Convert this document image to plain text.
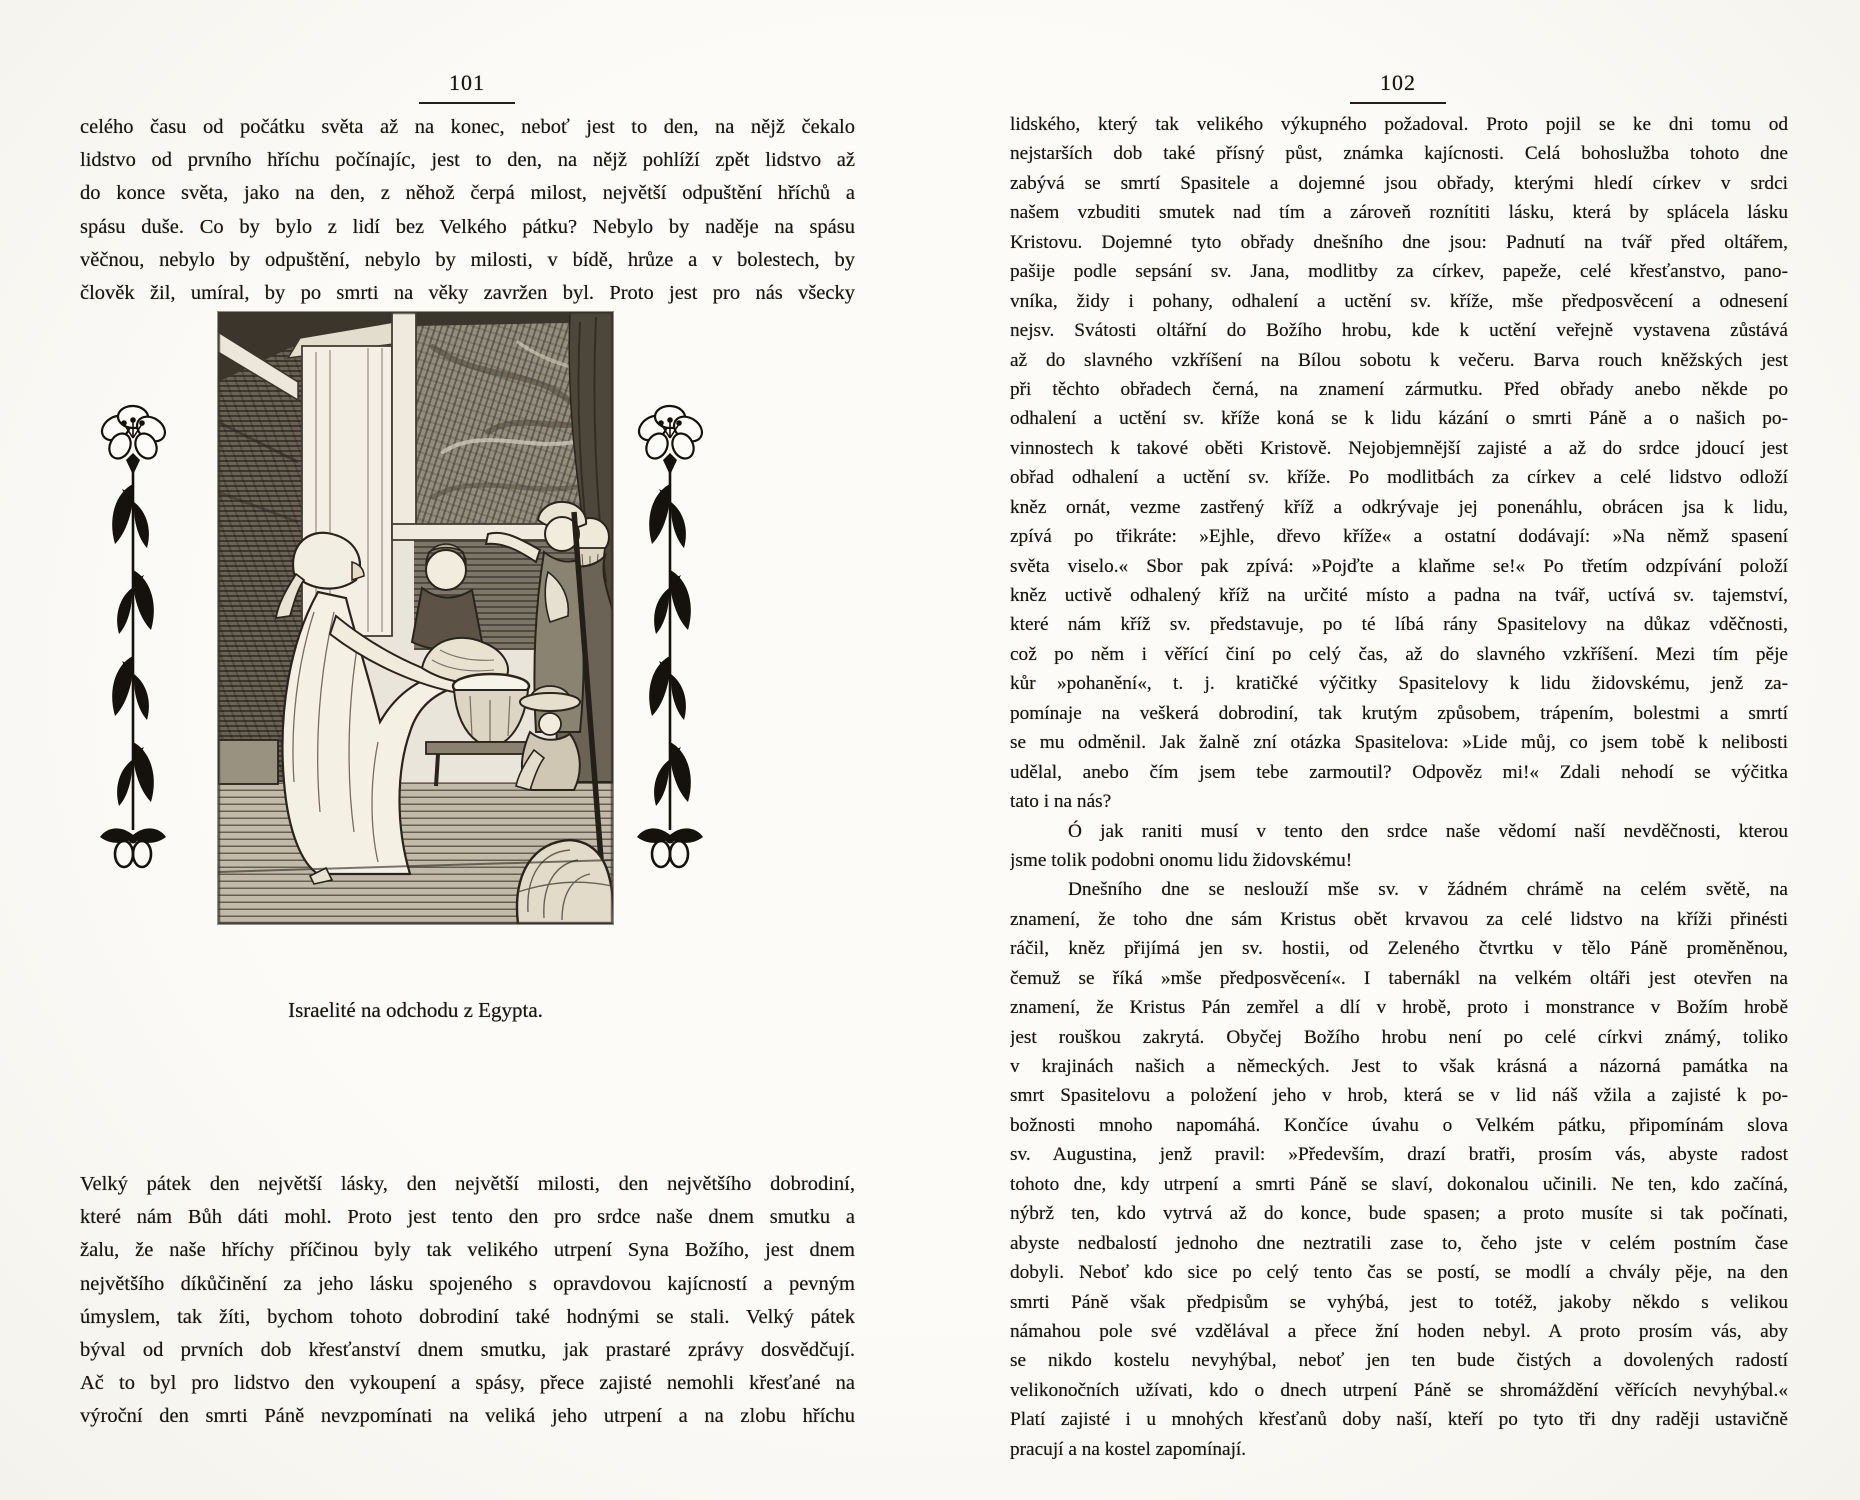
101	102
celého času od počátku světa až na konec, neboť jest to den, na nějž čekalo
lidstvo od prvního hříchu počínajíc, jest to den, na nějž pohlíží zpět lidstvo až
do konce světa, jako na den, z něhož čerpá milost, největší odpuštění hříchů a
spásu duše. Co by bylo z lidí bez Velkého pátku? Nebylo by naděje na spásu
věčnou, nebylo by odpuštění, nebylo by milosti, v bídě, hrůze a v bolestech, by
člověk žil, umíral, by po smrti na věky zavržen byl. Proto jest pro nás všecky
Velký pátek den největší lásky, den největší milosti, den největšího dobrodiní,
které nám Bůh dáti mohl. Proto jest tento den pro srdce naše dnem smutku a
žalu, že naše hříchy příčinou byly tak velikého utrpení Syna Božího, jest dnem
největšího díkůčinění za jeho lásku spojeného s opravdovou kajícností a pevným
úmyslem, tak žíti, bychom tohoto dobrodiní také hodnými se stali. Velký pátek
býval od prvních dob křesťanství dnem smutku, jak prastaré zprávy dosvědčují.
Ač to byl pro lidstvo den vykoupení a spásy, přece zajisté nemohli křesťané na
výroční den smrti Páně nevzpomínati na veliká jeho utrpení a na zlobu hříchu
Israelité na odchodu z Egypta.
lidského, který tak velikého výkupného požadoval. Proto pojil se ke dni tomu od
nejstarších dob také přísný půst, známka kajícnosti. Celá bohoslužba tohoto dne
zabývá se smrtí Spasitele a dojemné jsou obřady, kterými hledí církev v srdci
našem vzbuditi smutek nad tím a zároveň roznítiti lásku, která by splácela lásku
Kristovu. Dojemné tyto obřady dnešního dne jsou: Padnutí na tvář před oltářem,
pašije podle sepsání sv. Jana, modlitby za církev, papeže, celé křesťanstvo, pano-
vníka, židy i pohany, odhalení a uctění sv. kříže, mše předposvěcení a odnesení
nejsv. Svátosti oltářní do Božího hrobu, kde k uctění veřejně vystavena zůstává
až do slavného vzkříšení na Bílou sobotu k večeru. Barva rouch kněžských jest
při těchto obřadech černá, na znamení zármutku. Před obřady anebo někde po
odhalení a uctění sv. kříže koná se k lidu kázání o smrti Páně a o našich po-
vinnostech k takové oběti Kristově. Nejobjemnější zajisté a až do srdce jdoucí jest
obřad odhalení a uctění sv. kříže. Po modlitbách za církev a celé lidstvo odloží
kněz ornát, vezme zastřený kříž a odkrývaje jej ponenáhlu, obrácen jsa k lidu,
zpívá po třikráte: »Ejhle, dřevo kříže« a ostatní dodávají: »Na němž spasení
světa viselo.« Sbor pak zpívá: »Pojďte a klaňme se!« Po třetím odzpívání položí
kněz uctivě odhalený kříž na určité místo a padna na tvář, uctívá sv. tajemství,
které nám kříž sv. představuje, po té líbá rány Spasitelovy na důkaz vděčnosti,
což po něm i věřící činí po celý čas, až do slavného vzkříšení. Mezi tím pěje
kůr »pohanění«, t. j. kratičké výčitky Spasitelovy k lidu židovskému, jenž za-
pomínaje na veškerá dobrodiní, tak krutým způsobem, trápením, bolestmi a smrtí
se mu odměnil. Jak žalně zní otázka Spasitelova: »Lide můj, co jsem tobě k nelibosti
udělal, anebo čím jsem tebe zarmoutil? Odpověz mi!« Zdali nehodí se výčitka
tato i na nás?
Ó jak raniti musí v tento den srdce naše vědomí naší nevděčnosti, kterou
jsme tolik podobni onomu lidu židovskému!
Dnešního dne se neslouží mše sv. v žádném chrámě na celém světě, na
znamení, že toho dne sám Kristus obět krvavou za celé lidstvo na kříži přinésti
ráčil, kněz přijímá jen sv. hostii, od Zeleného čtvrtku v tělo Páně proměněnou,
čemuž se říká »mše předposvěcení«. I tabernákl na velkém oltáři jest otevřen na
znamení, že Kristus Pán zemřel a dlí v hrobě, proto i monstrance v Božím hrobě
jest rouškou zakrytá. Obyčej Božího hrobu není po celé církvi známý, toliko
v krajinách našich a německých. Jest to však krásná a názorná památka na
smrt Spasitelovu a položení jeho v hrob, která se v lid náš vžila a zajisté k po-
božnosti mnoho napomáhá. Končíce úvahu o Velkém pátku, připomínám slova
sv. Augustina, jenž pravil: »Především, drazí bratři, prosím vás, abyste radost
tohoto dne, kdy utrpení a smrti Páně se slaví, dokonalou učinili. Ne ten, kdo začíná,
nýbrž ten, kdo vytrvá až do konce, bude spasen; a proto musíte si tak počínati,
abyste nedbalostí jednoho dne neztratili zase to, čeho jste v celém postním čase
dobyli. Neboť kdo sice po celý tento čas se postí, se modlí a chvály pěje, na den
smrti Páně však předpisům se vyhýbá, jest to totéž, jakoby někdo s velikou
námahou pole své vzdělával a přece žní hoden nebyl. A proto prosím vás, aby
se nikdo kostelu nevyhýbal, neboť jen ten bude čistých a dovolených radostí
velikonočních užívati, kdo o dnech utrpení Páně se shromáždění věřících nevyhýbal.«
Platí zajisté i u mnohých křesťanů doby naší, kteří po tyto tři dny raději ustavičně
pracují a na kostel zapomínají.
